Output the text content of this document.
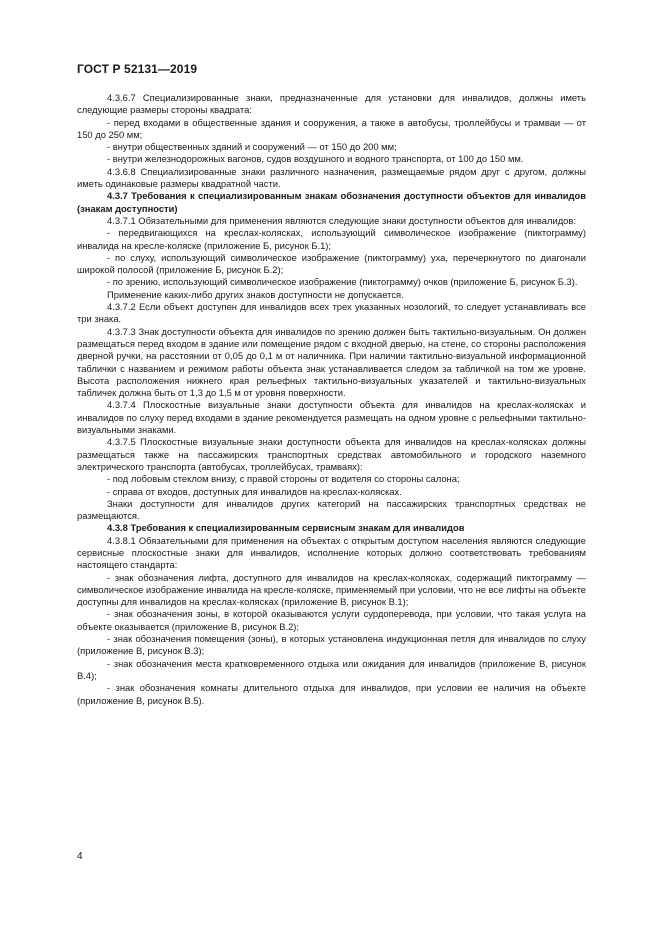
ГОСТ Р 52131—2019

4.3.6.7 Специализированные знаки, предназначенные для установки для инвалидов, должны иметь следующие размеры стороны квадрата:

- перед входами в общественные здания и сооружения, а также в автобусы, троллейбусы и трамваи — от 150 до 250 мм;

- внутри общественных зданий и сооружений — от 150 до 200 мм;

- внутри железнодорожных вагонов, судов воздушного и водного транспорта, от 100 до 150 мм.

4.3.6.8 Специализированные знаки различного назначения, размещаемые рядом друг с другом, должны иметь одинаковые размеры квадратной части.

4.3.7 Требования к специализированным знакам обозначения доступности объектов для инвалидов (знакам доступности)

4.3.7.1 Обязательными для применения являются следующие знаки доступности объектов для инвалидов:

- передвигающихся на креслах-колясках, использующий символическое изображение (пиктограмму) инвалида на кресле-коляске (приложение Б, рисунок Б.1);

- по слуху, использующий символическое изображение (пиктограмму) уха, перечеркнутого по диагонали широкой полосой (приложение Б, рисунок Б.2);

- по зрению, использующий символическое изображение (пиктограмму) очков (приложение Б, рисунок Б.3).

Применение каких-либо других знаков доступности не допускается.

4.3.7.2 Если объект доступен для инвалидов всех трех указанных нозологий, то следует устанавливать все три знака.

4.3.7.3 Знак доступности объекта для инвалидов по зрению должен быть тактильно-визуальным. Он должен размещаться перед входом в здание или помещение рядом с входной дверью, на стене, со стороны расположения дверной ручки, на расстоянии от 0,05 до 0,1 м от наличника. При наличии тактильно-визуальной информационной таблички с названием и режимом работы объекта знак устанавливается следом за табличкой на том же уровне. Высота расположения нижнего края рельефных тактильно-визуальных указателей и тактильно-визуальных табличек должна быть от 1,3 до 1,5 м от уровня поверхности.

4.3.7.4 Плоскостные визуальные знаки доступности объекта для инвалидов на креслах-колясках и инвалидов по слуху перед входами в здание рекомендуется размещать на одном уровне с рельефными тактильно-визуальными знаками.

4.3.7.5 Плоскостные визуальные знаки доступности объекта для инвалидов на креслах-колясках должны размещаться также на пассажирских транспортных средствах автомобильного и городского наземного электрического транспорта (автобусах, троллейбусах, трамваях):

- под лобовым стеклом внизу, с правой стороны от водителя со стороны салона;

- справа от входов, доступных для инвалидов на креслах-колясках.

Знаки доступности для инвалидов других категорий на пассажирских транспортных средствах не размещаются.

4.3.8 Требования к специализированным сервисным знакам для инвалидов

4.3.8.1 Обязательными для применения на объектах с открытым доступом населения являются следующие сервисные плоскостные знаки для инвалидов, исполнение которых должно соответствовать требованиям настоящего стандарта:

- знак обозначения лифта, доступного для инвалидов на креслах-колясках, содержащий пиктограмму — символическое изображение инвалида на кресле-коляске, применяемый при условии, что не все лифты на объекте доступны для инвалидов на креслах-колясках (приложение В, рисунок В.1);

- знак обозначения зоны, в которой оказываются услуги сурдоперевода, при условии, что такая услуга на объекте оказывается (приложение В, рисунок В.2);

- знак обозначения помещения (зоны), в которых установлена индукционная петля для инвалидов по слуху (приложение В, рисунок В.3);

- знак обозначения места кратковременного отдыха или ожидания для инвалидов (приложение В, рисунок В.4);

- знак обозначения комнаты длительного отдыха для инвалидов, при условии ее наличия на объекте (приложение В, рисунок В.5).

4
